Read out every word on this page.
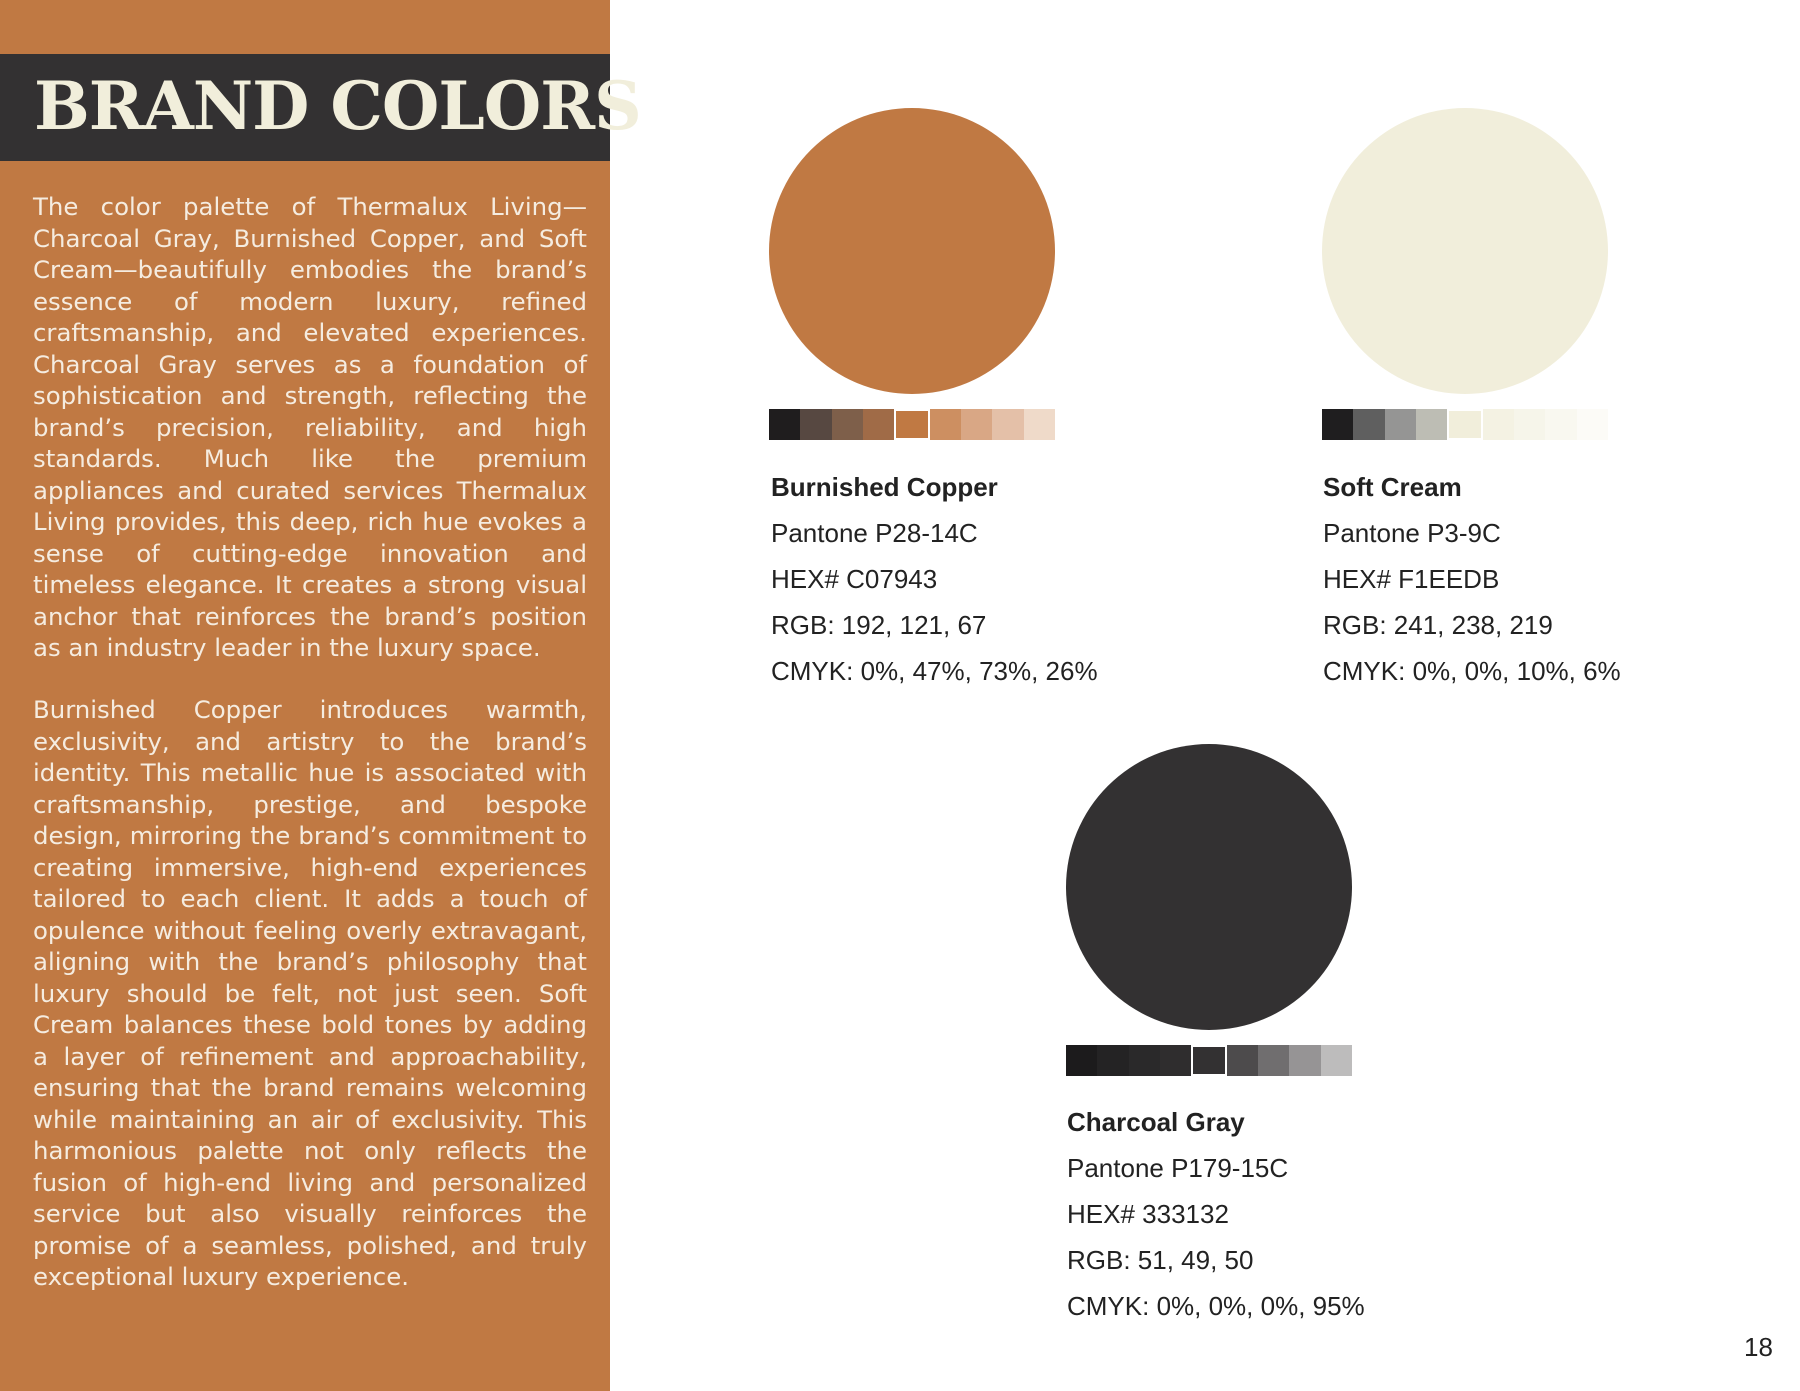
BRAND COLORS

The color palette of Thermalux Living—Charcoal Gray, Burnished Copper, and Soft Cream—beautifully embodies the brand’s essence of modern luxury, refined craftsmanship, and elevated experiences. Charcoal Gray serves as a foundation of sophistication and strength, reflecting the brand’s precision, reliability, and high standards. Much like the premium appliances and curated services Thermalux Living provides, this deep, rich hue evokes a sense of cutting-edge innovation and timeless elegance. It creates a strong visual anchor that reinforces the brand’s position as an industry leader in the luxury space.

Burnished Copper introduces warmth, exclusivity, and artistry to the brand’s identity. This metallic hue is associated with craftsmanship, prestige, and bespoke design, mirroring the brand’s commitment to creating immersive, high-end experiences tailored to each client. It adds a touch of opulence without feeling overly extravagant, aligning with the brand’s philosophy that luxury should be felt, not just seen. Soft Cream balances these bold tones by adding a layer of refinement and approachability, ensuring that the brand remains welcoming while maintaining an air of exclusivity. This harmonious palette not only reflects the fusion of high-end living and personalized service but also visually reinforces the promise of a seamless, polished, and truly exceptional luxury experience.

Burnished Copper
Pantone P28-14C
HEX# C07943
RGB: 192, 121, 67
CMYK: 0%, 47%, 73%, 26%
Soft Cream
Pantone P3-9C
HEX# F1EEDB
RGB: 241, 238, 219
CMYK: 0%, 0%, 10%, 6%
Charcoal Gray
Pantone P179-15C
HEX# 333132
RGB: 51, 49, 50
CMYK: 0%, 0%, 0%, 95%
18
